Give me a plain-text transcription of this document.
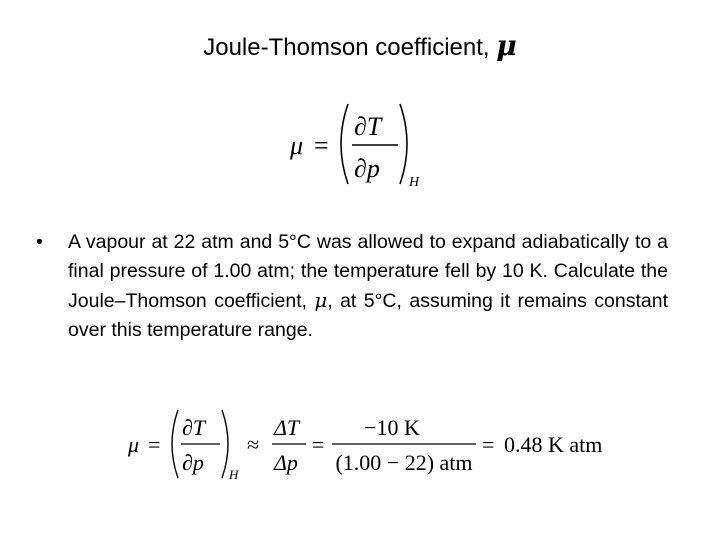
Joule-Thomson coefficient, μ
μ =
∂T
∂p H
•	A vapour at 22 atm and 5°C was allowed to expand adiabatically to a final pressure of 1.00 atm; the temperature fell by 10 K. Calculate the Joule–Thomson coefficient, μ, at 5°C, assuming it remains constant over this temperature range.
μ =
∂T
∂p H
≈
ΔT
Δp
=
−10 K
(1.00 − 22) atm
= 0.48 K atm
